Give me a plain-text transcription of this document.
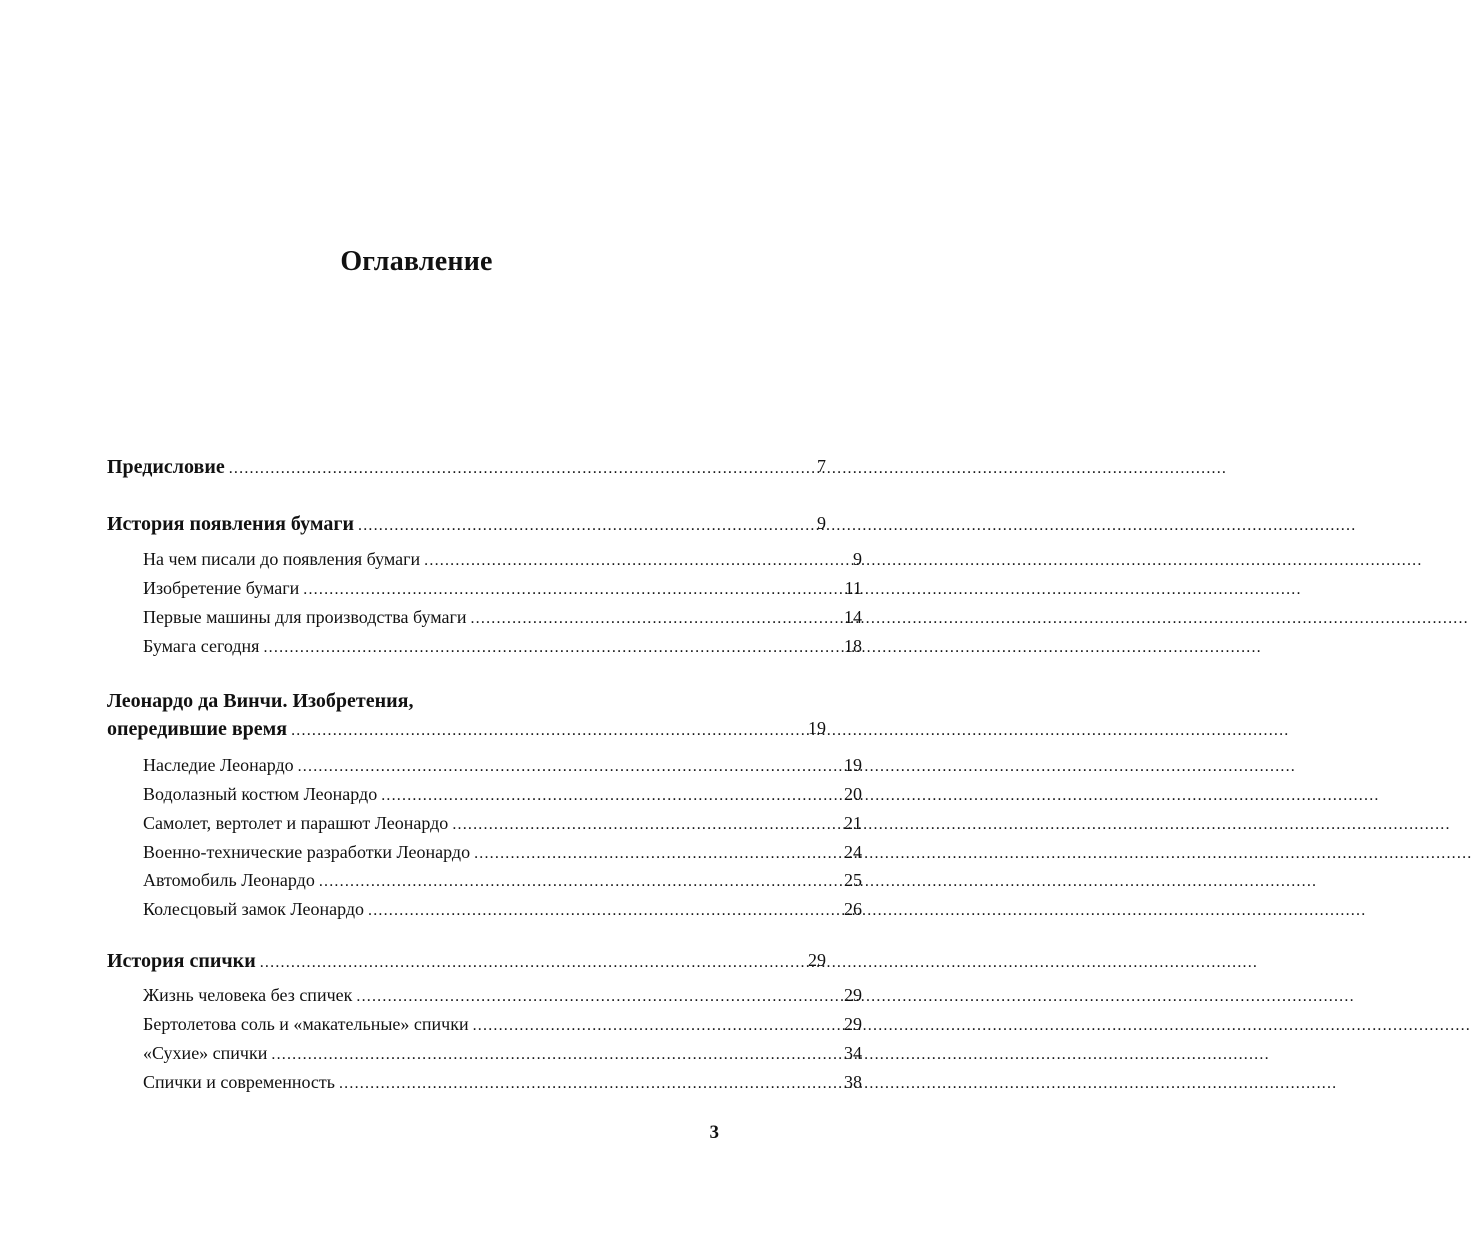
Оглавление
Предисловие .....	7
История появления бумаги .....	9
На чем писали до появления бумаги .....	9
Изобретение бумаги .....	11
Первые машины для производства бумаги .....	14
Бумага сегодня .....	18
Леонардо да Винчи. Изобретения,
опередившие время .....	19
Наследие Леонардо .....	19
Водолазный костюм Леонардо .....	20
Самолет, вертолет и парашют Леонардо .....	21
Военно-технические разработки Леонардо .....	24
Автомобиль Леонардо .....	25
Колесцовый замок Леонардо .....	26
История спички .....	29
Жизнь человека без спичек .....	29
Бертолетова соль и «макательные» спички .....	29
«Сухие» спички .....	34
Спички и современность .....	38
3
